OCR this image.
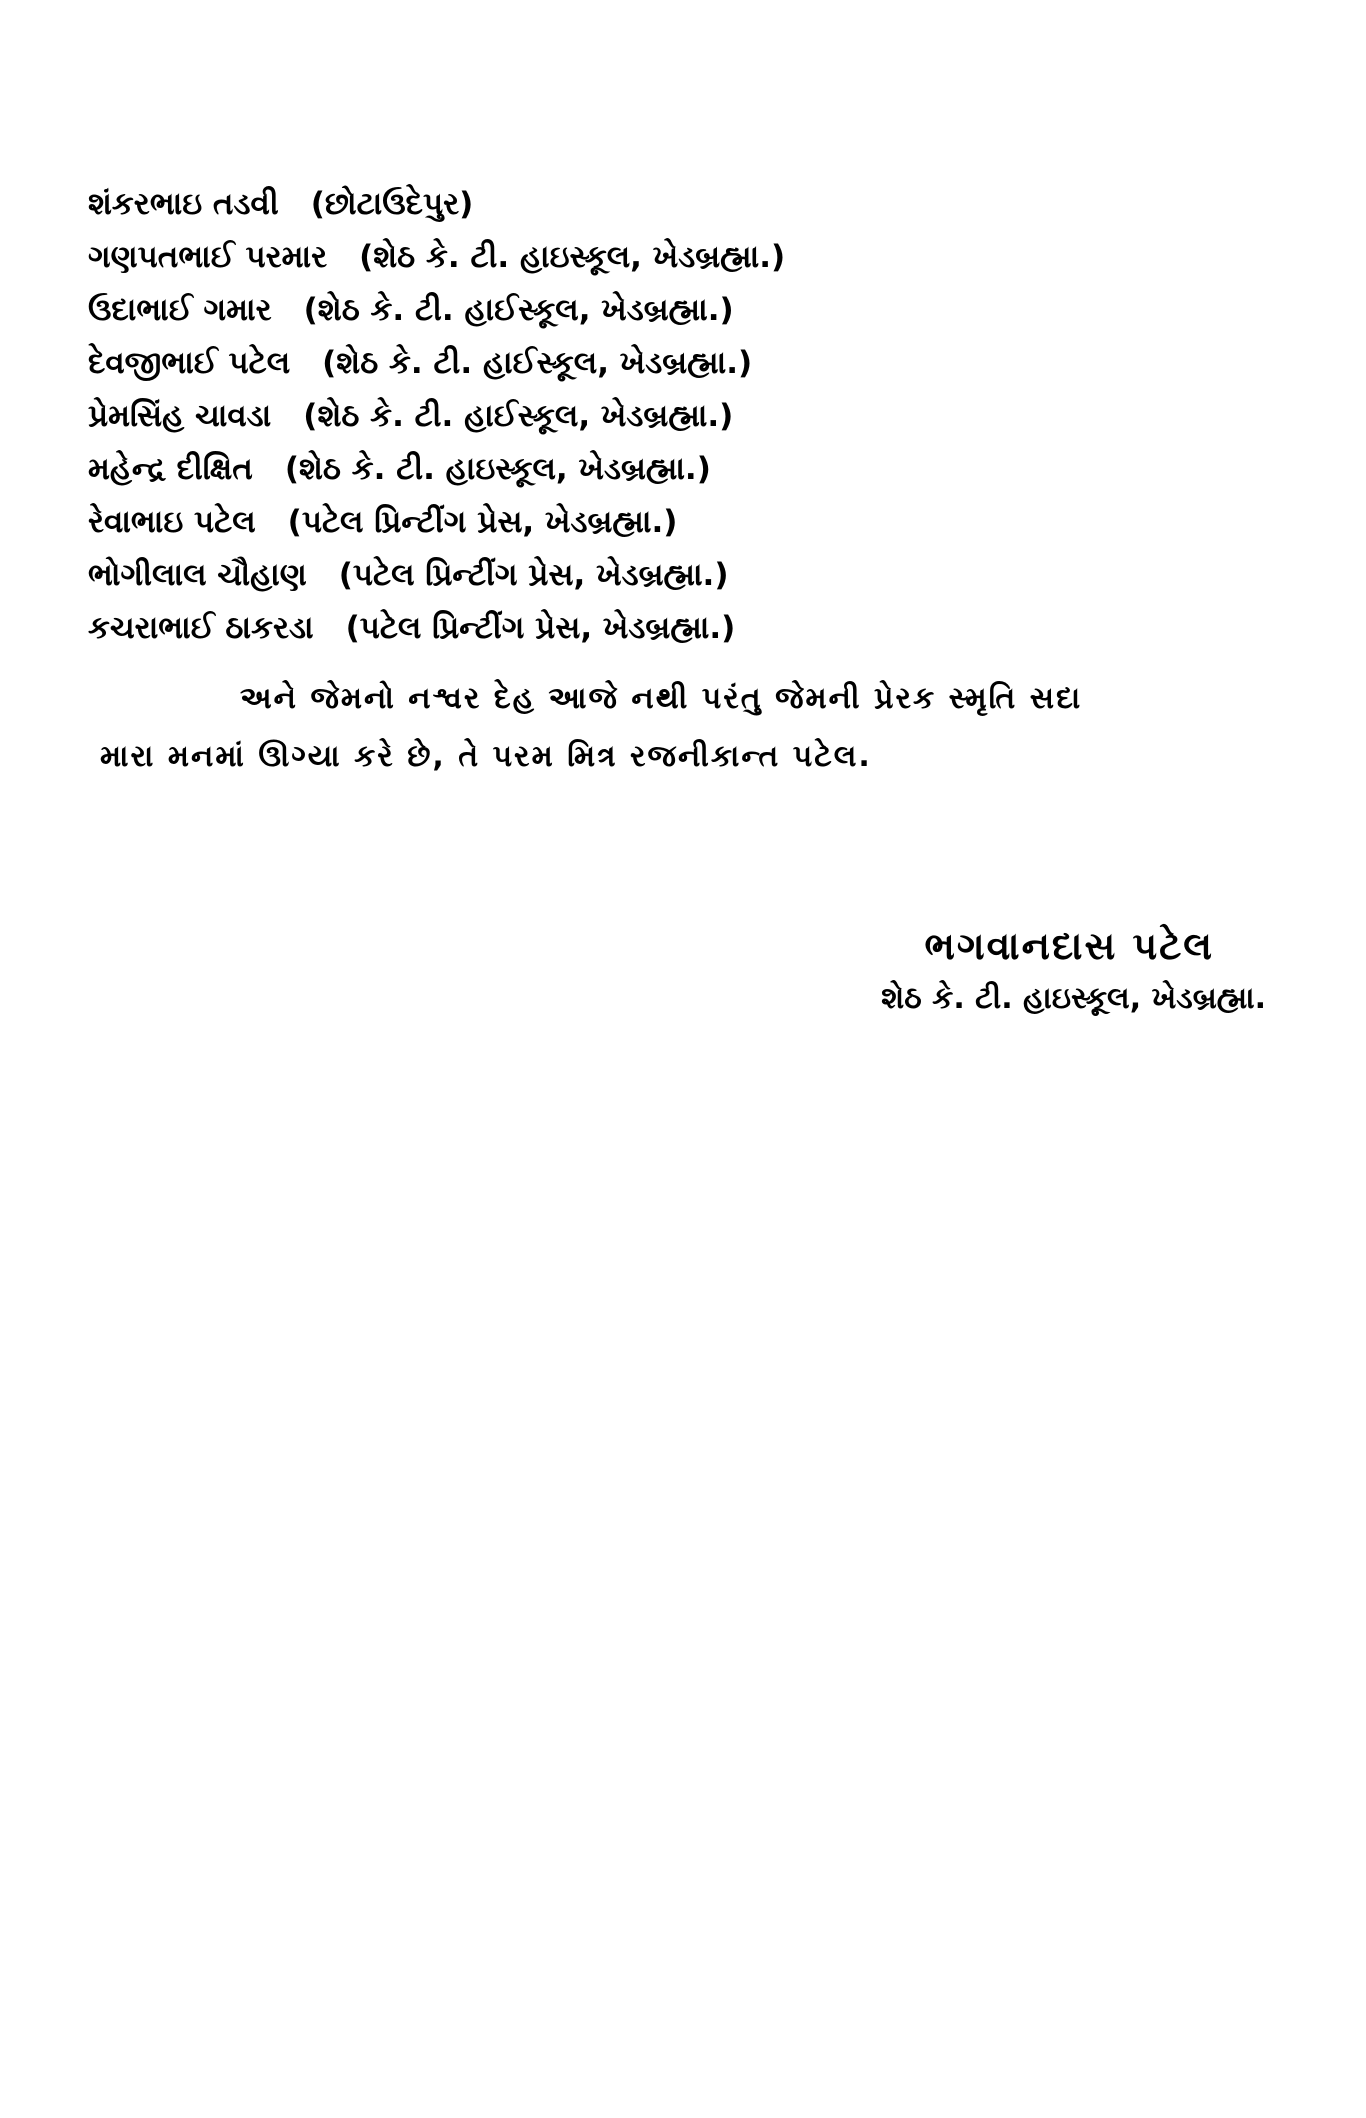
શંકરભાઇ તડવી (છોટાઉદેપુર)
ગણપતભાઈ પરમાર (શેઠ કે. ટી. હાઇસ્કૂલ, ખેડબ્રહ્મા.)
ઉદાભાઈ ગમાર (શેઠ કે. ટી. હાઈસ્કૂલ, ખેડબ્રહ્મા.)
દેવજીભાઈ પટેલ (શેઠ કે. ટી. હાઈસ્કૂલ, ખેડબ્રહ્મા.)
પ્રેમસિંહ ચાવડા (શેઠ કે. ટી. હાઈસ્કૂલ, ખેડબ્રહ્મા.)
મહેન્દ્ર દીક્ષિત (શેઠ કે. ટી. હાઇસ્કૂલ, ખેડબ્રહ્મા.)
રેવાભાઇ પટેલ (પટેલ પ્રિન્ટીંગ પ્રેસ, ખેડબ્રહ્મા.)
ભોગીલાલ ચૌહાણ (પટેલ પ્રિન્ટીંગ પ્રેસ, ખેડબ્રહ્મા.)
કચરાભાઈ ઠાકરડા (પટેલ પ્રિન્ટીંગ પ્રેસ, ખેડબ્રહ્મા.)
અને જેમનો નશ્વર દેહ આજે નથી પરંતુ જેમની પ્રેરક સ્મૃતિ સદા
મારા મનમાં ઊગ્યા કરે છે, તે પરમ મિત્ર રજનીકાન્ત પટેલ.
ભગવાનદાસ પટેલ
શેઠ કે. ટી. હાઇસ્કૂલ, ખેડબ્રહ્મા.
